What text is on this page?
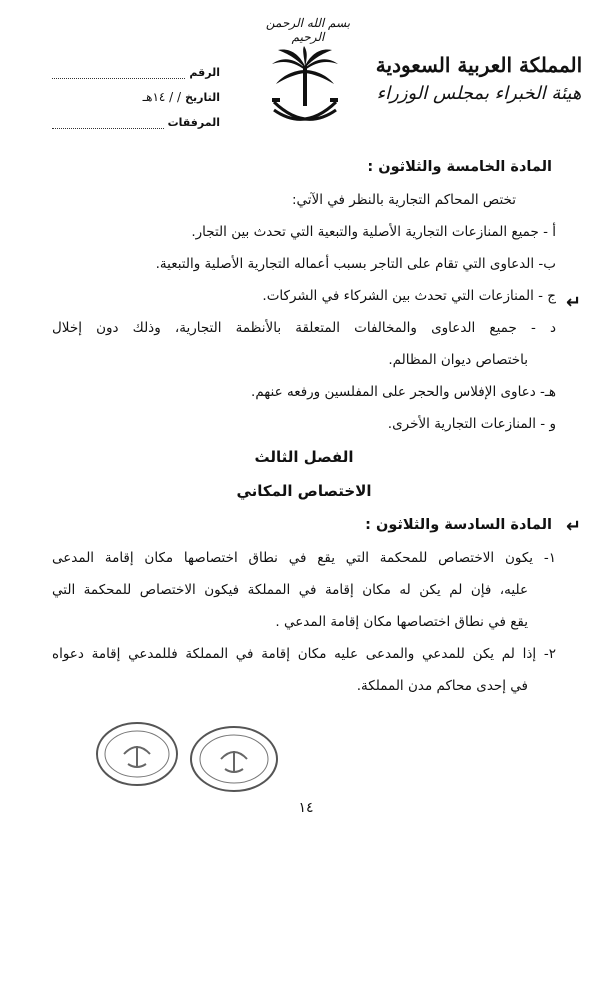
بسم الله الرحمن الرحيم
المملكة العربية السعودية
هيئة الخبراء بمجلس الوزراء
الرقم
التاريخ
/ / ١٤هـ
المرفقات
المادة الخامسة والثلاثون :
تختص المحاكم التجارية بالنظر في الآتي:
أ - جميع المنازعات التجارية الأصلية والتبعية التي تحدث بين التجار.
ب- الدعاوى التي تقام على التاجر بسبب أعماله التجارية الأصلية والتبعية.
ج - المنازعات التي تحدث بين الشركاء في الشركات.
د - جميع الدعاوى والمخالفات المتعلقة بالأنظمة التجارية، وذلك دون إخلال
باختصاص ديوان المظالم.
هـ- دعاوى الإفلاس والحجر على المفلسين ورفعه عنهم.
و - المنازعات التجارية الأخرى.
الفصل الثالث
الاختصاص المكاني
المادة السادسة والثلاثون :
١- يكون الاختصاص للمحكمة التي يقع في نطاق اختصاصها مكان إقامة المدعى
عليه، فإن لم يكن له مكان إقامة في المملكة فيكون الاختصاص للمحكمة التي
يقع في نطاق اختصاصها مكان إقامة المدعي .
٢- إذا لم يكن للمدعي والمدعى عليه مكان إقامة في المملكة فللمدعي إقامة دعواه
في إحدى محاكم مدن المملكة.
↵
↵
١٤
